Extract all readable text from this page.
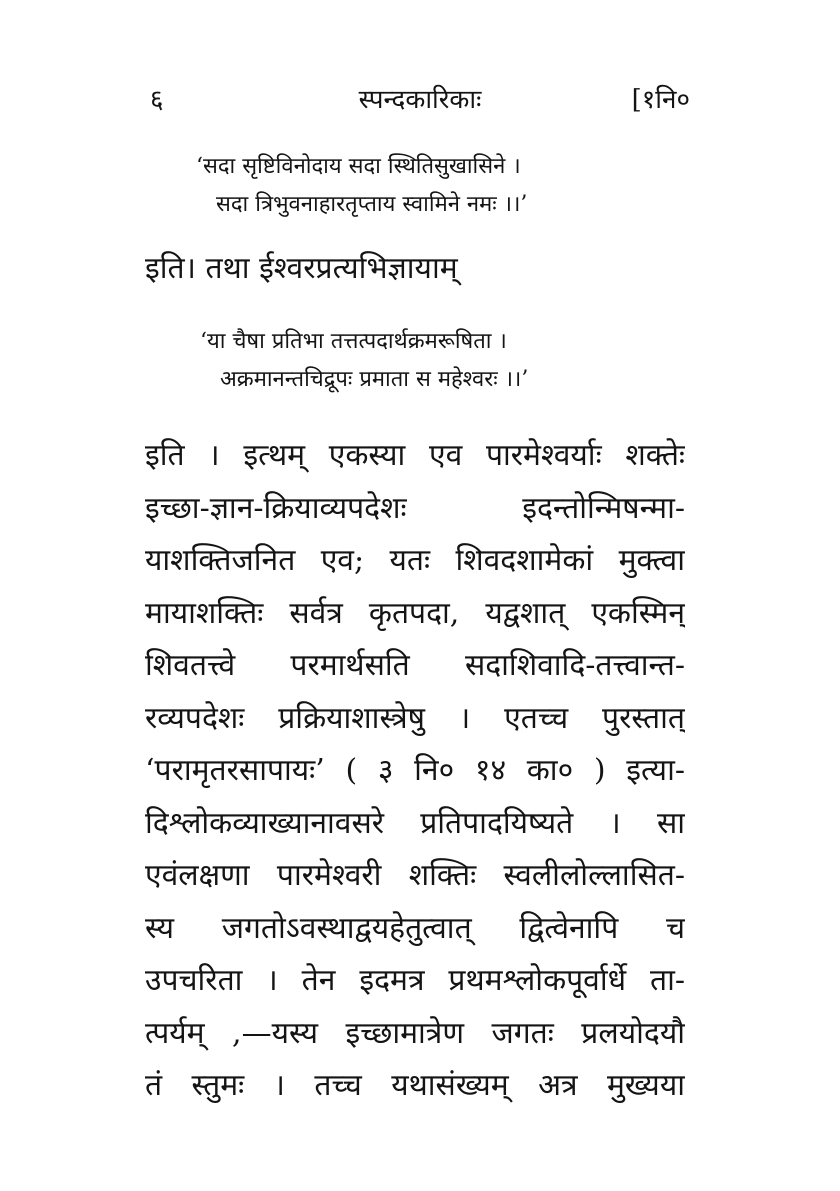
६	स्पन्दकारिकाः	[१नि०
‘सदा सृष्टिविनोदाय सदा स्थितिसुखासिने ।
सदा त्रिभुवनाहारतृप्ताय स्वामिने नमः ।।’
इति। तथा ईश्वरप्रत्यभिज्ञायाम्
‘या चैषा प्रतिभा तत्तत्पदार्थक्रमरूषिता ।
अक्रमानन्तचिद्रूपः प्रमाता स महेश्वरः ।।’
इति । इत्थम् एकस्या एव पारमेश्वर्याः शक्तेः
इच्छा-ज्ञान-क्रियाव्यपदेशः इदन्तोन्मिषन्मा-
याशक्तिजनित एव; यतः शिवदशामेकां मुक्त्वा
मायाशक्तिः सर्वत्र कृतपदा, यद्वशात् एकस्मिन्
शिवतत्त्वे परमार्थसति सदाशिवादि-तत्त्वान्त-
रव्यपदेशः प्रक्रियाशास्त्रेषु । एतच्च पुरस्तात्
‘परामृतरसापायः’ ( ३ नि० १४ का० ) इत्या-
दिश्लोकव्याख्यानावसरे प्रतिपादयिष्यते । सा
एवंलक्षणा पारमेश्वरी शक्तिः स्वलीलोल्लासित-
स्य जगतोऽवस्थाद्वयहेतुत्वात् द्वित्वेनापि च
उपचरिता । तेन इदमत्र प्रथमश्लोकपूर्वार्धे ता-
त्पर्यम् ,—यस्य इच्छामात्रेण जगतः प्रलयोदयौ
तं स्तुमः । तच्च यथासंख्यम् अत्र मुख्यया
